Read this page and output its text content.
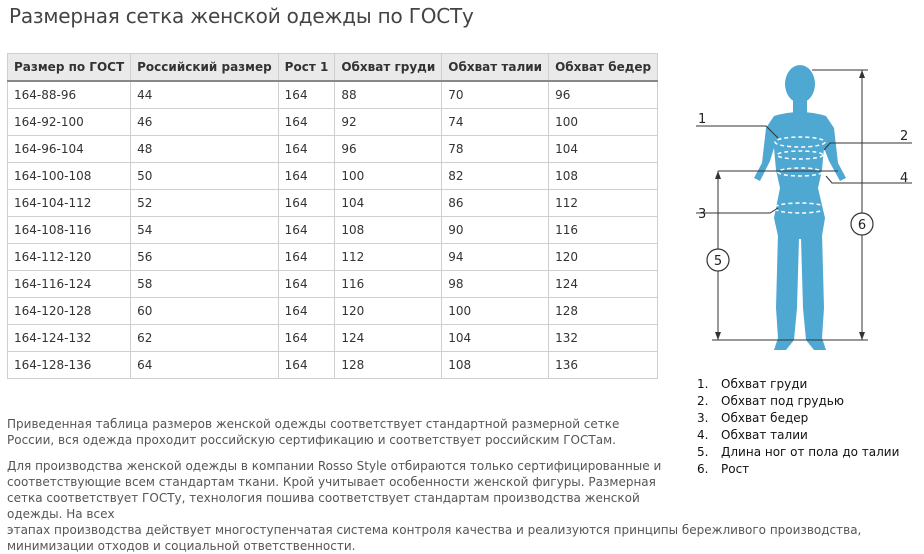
Размерная сетка женской одежды по ГОСТу
Размер по ГОСТ	Российский размер	Рост 1	Обхват груди	Обхват талии	Обхват бедер
164-88-96	44	164	88	70	96
164-92-100	46	164	92	74	100
164-96-104	48	164	96	78	104
164-100-108	50	164	100	82	108
164-104-112	52	164	104	86	112
164-108-116	54	164	108	90	116
164-112-120	56	164	112	94	120
164-116-124	58	164	116	98	124
164-120-128	60	164	120	100	128
164-124-132	62	164	124	104	132
164-128-136	64	164	128	108	136

Приведенная таблица размеров женской одежды соответствует стандартной размерной сетке России, вся одежда проходит российскую сертификацию и соответствует российским ГОСТам.

Для производства женской одежды в компании Rosso Style отбираются только сертифицированные и соответствующие всем стандартам ткани. Крой учитывает особенности женской фигуры. Размерная сетка соответствует ГОСТу, технология пошива соответствует стандартам производства женской одежды. На всех
этапах производства действует многоступенчатая система контроля качества и реализуются принципы бережливого производства, минимизации отходов и социальной ответственности.

1
2
3
4
5
6
1. Обхват груди
2. Обхват под грудью
3. Обхват бедер
4. Обхват талии
5. Длина ног от пола до талии
6. Рост
